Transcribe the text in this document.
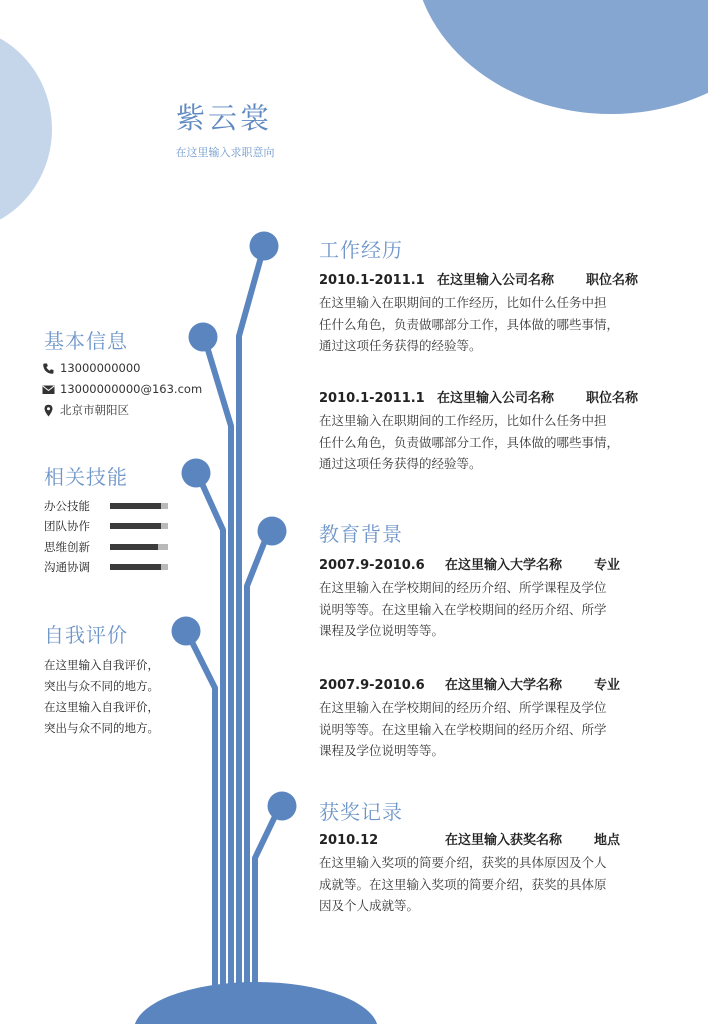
紫云裳
在这里输入求职意向
基本信息
13000000000
13000000000@163.com
北京市朝阳区
相关技能
办公技能
团队协作
思维创新
沟通协调
自我评价
在这里输入自我评价，
突出与众不同的地方。
在这里输入自我评价，
突出与众不同的地方。
工作经历
2010.1-2011.1 在这里输入公司名称 职位名称
在这里输入在职期间的工作经历，比如什么任务中担
任什么角色，负责做哪部分工作，具体做的哪些事情，
通过这项任务获得的经验等。
2010.1-2011.1 在这里输入公司名称 职位名称
在这里输入在职期间的工作经历，比如什么任务中担
任什么角色，负责做哪部分工作，具体做的哪些事情，
通过这项任务获得的经验等。
教育背景
2007.9-2010.6 在这里输入大学名称 专业
在这里输入在学校期间的经历介绍、所学课程及学位
说明等等。在这里输入在学校期间的经历介绍、所学
课程及学位说明等等。
2007.9-2010.6 在这里输入大学名称 专业
在这里输入在学校期间的经历介绍、所学课程及学位
说明等等。在这里输入在学校期间的经历介绍、所学
课程及学位说明等等。
获奖记录
2010.12	在这里输入获奖名称 地点
在这里输入奖项的简要介绍，获奖的具体原因及个人
成就等。在这里输入奖项的简要介绍，获奖的具体原
因及个人成就等。
